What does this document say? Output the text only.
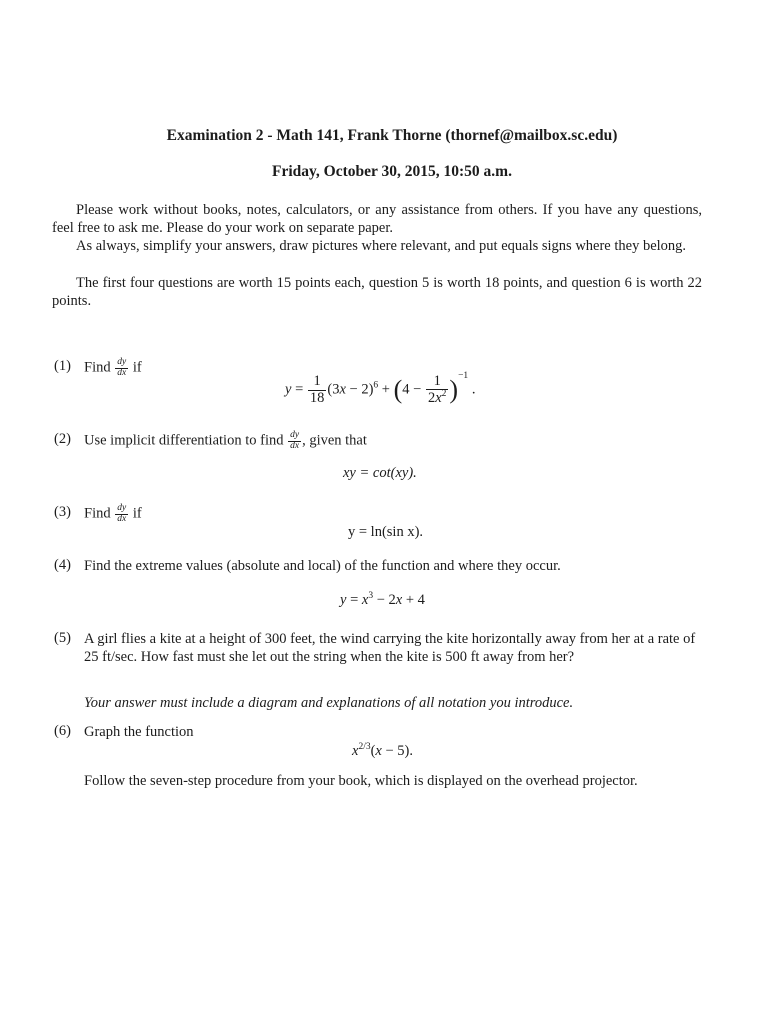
Examination 2 - Math 141, Frank Thorne (thornef@mailbox.sc.edu)
Friday, October 30, 2015, 10:50 a.m.
Please work without books, notes, calculators, or any assistance from others. If you have any questions, feel free to ask me. Please do your work on separate paper.
As always, simplify your answers, draw pictures where relevant, and put equals signs where they belong.
The first four questions are worth 15 points each, question 5 is worth 18 points, and question 6 is worth 22 points.
(1) Find $\frac{dy}{dx}$ if
$y = \frac{1}{18} (3x - 2)^6 + (4 - \frac{1}{2x^2} )^{-1}$ .
(2) Use implicit differentiation to find $\frac{dy}{dx}$ , given that
xy = cot(xy).
(3) Find $\frac{dy}{dx}$ if
y = ln(sin x).
(4) Find the extreme values (absolute and local) of the function and where they occur.
$y = x^3 - 2x + 4$
(5) A girl flies a kite at a height of 300 feet, the wind carrying the kite horizontally away from her at a rate of 25 ft/sec. How fast must she let out the string when the kite is 500 ft away from her?
Your answer must include a diagram and explanations of all notation you introduce.
(6) Graph the function
$x^{2/3}(x - 5)$.
Follow the seven-step procedure from your book, which is displayed on the overhead projector.
